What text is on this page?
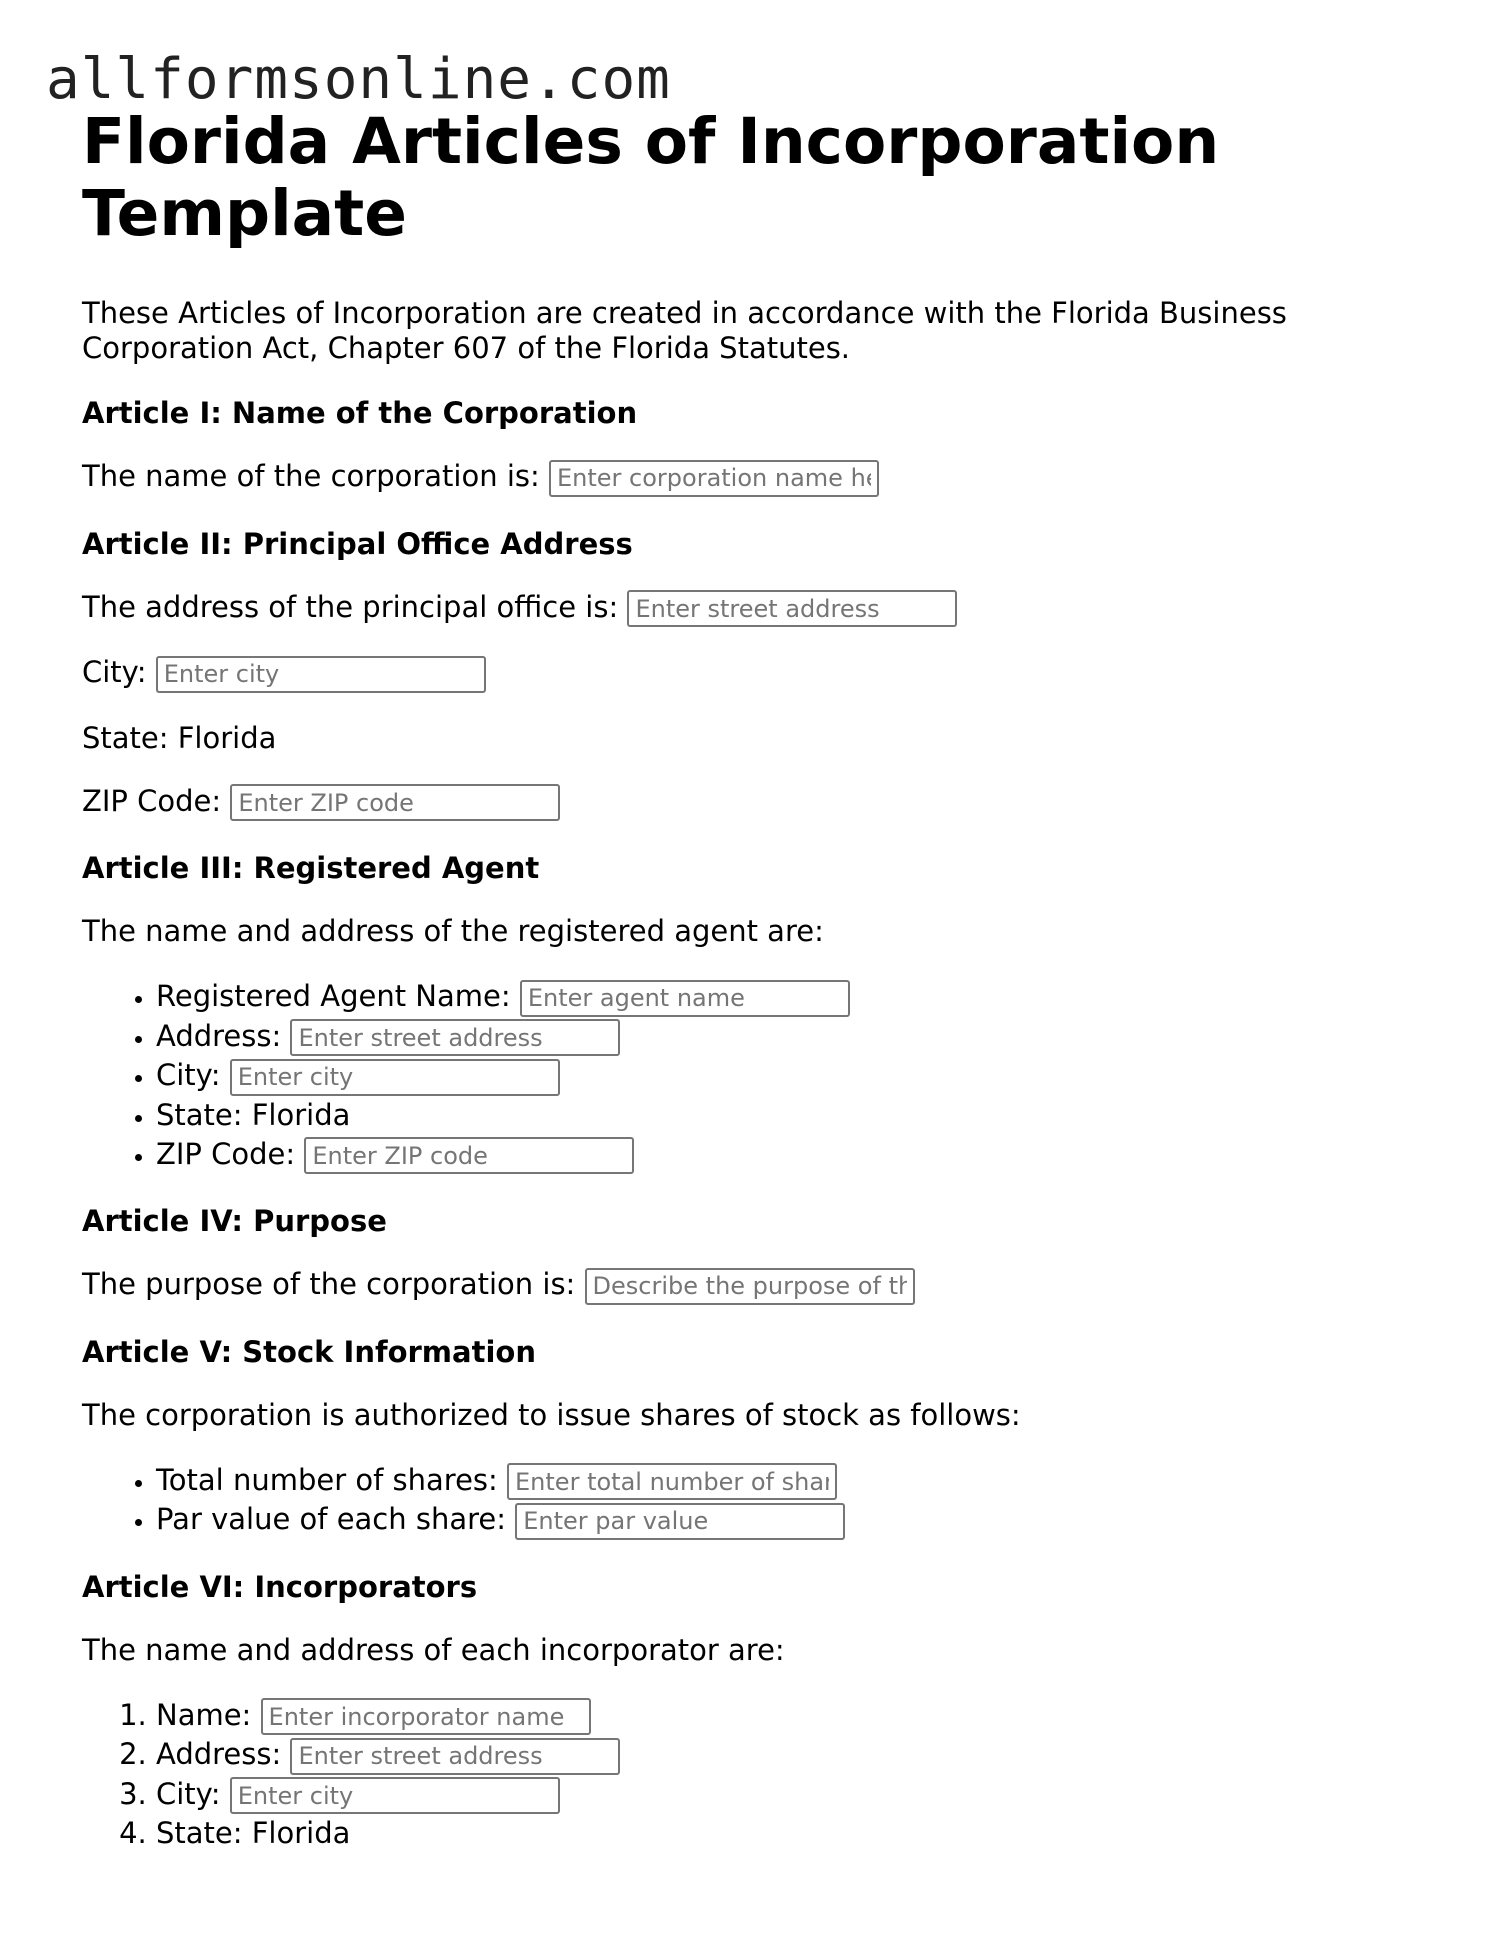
allformsonline.com
Florida Articles of Incorporation Template

These Articles of Incorporation are created in accordance with the Florida Business Corporation Act, Chapter 607 of the Florida Statutes.

Article I: Name of the Corporation

The name of the corporation is: Enter corporation name here

Article II: Principal Office Address

The address of the principal office is: Enter street address

City: Enter city

State: Florida

ZIP Code: Enter ZIP code

Article III: Registered Agent

The name and address of the registered agent are:

• Registered Agent Name: Enter agent name
• Address: Enter street address
• City: Enter city
• State: Florida
• ZIP Code: Enter ZIP code
Article IV: Purpose

The purpose of the corporation is: Describe the purpose of the corporation

Article V: Stock Information

The corporation is authorized to issue shares of stock as follows:

• Total number of shares: Enter total number of shares
• Par value of each share: Enter par value
Article VI: Incorporators

The name and address of each incorporator are:

1. Name: Enter incorporator name
2. Address: Enter street address
3. City: Enter city
4. State: Florida
